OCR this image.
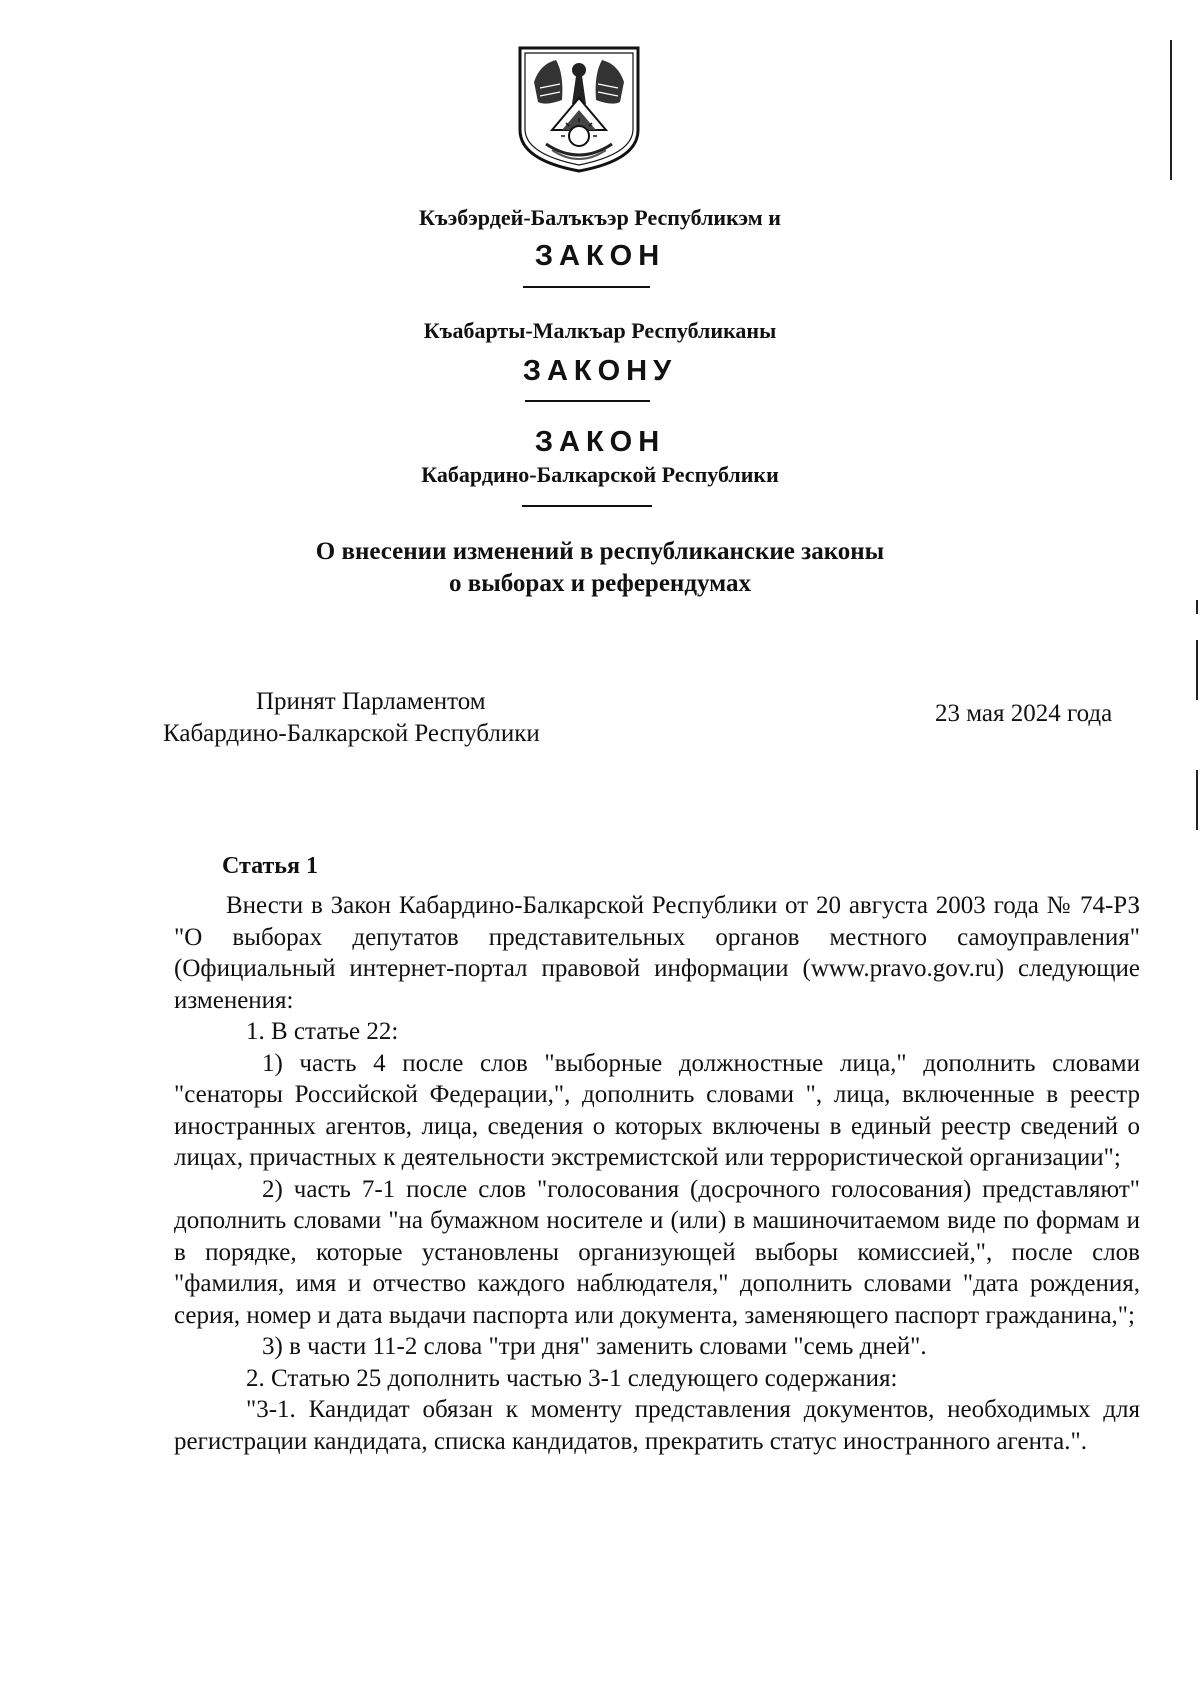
Къэбэрдей-Балъкъэр Республикэм и

ЗАКОН

Къабарты-Малкъар Республиканы

ЗАКОНУ

ЗАКОН

Кабардино-Балкарской Республики

О внесении изменений в республиканские законы
о выборах и референдумах

Принят Парламентом
Кабардино-Балкарской Республики

23 мая 2024 года

Статья 1

Внести в Закон Кабардино-Балкарской Республики от 20 августа 2003 года № 74-РЗ "О выборах депутатов представительных органов местного самоуправления" (Официальный интернет-портал правовой информации (www.pravo.gov.ru) следующие изменения:

1. В статье 22:

1) часть 4 после слов "выборные должностные лица," дополнить словами "сенаторы Российской Федерации,", дополнить словами ", лица, включенные в реестр иностранных агентов, лица, сведения о которых включены в единый реестр сведений о лицах, причастных к деятельности экстремистской или террористической организации";

2) часть 7-1 после слов "голосования (досрочного голосования) представляют" дополнить словами "на бумажном носителе и (или) в машиночитаемом виде по формам и в порядке, которые установлены организующей выборы комиссией,", после слов "фамилия, имя и отчество каждого наблюдателя," дополнить словами "дата рождения, серия, номер и дата выдачи паспорта или документа, заменяющего паспорт гражданина,";

3) в части 11-2 слова "три дня" заменить словами "семь дней".

2. Статью 25 дополнить частью 3-1 следующего содержания:

"3-1. Кандидат обязан к моменту представления документов, необходимых для регистрации кандидата, списка кандидатов, прекратить статус иностранного агента.".
